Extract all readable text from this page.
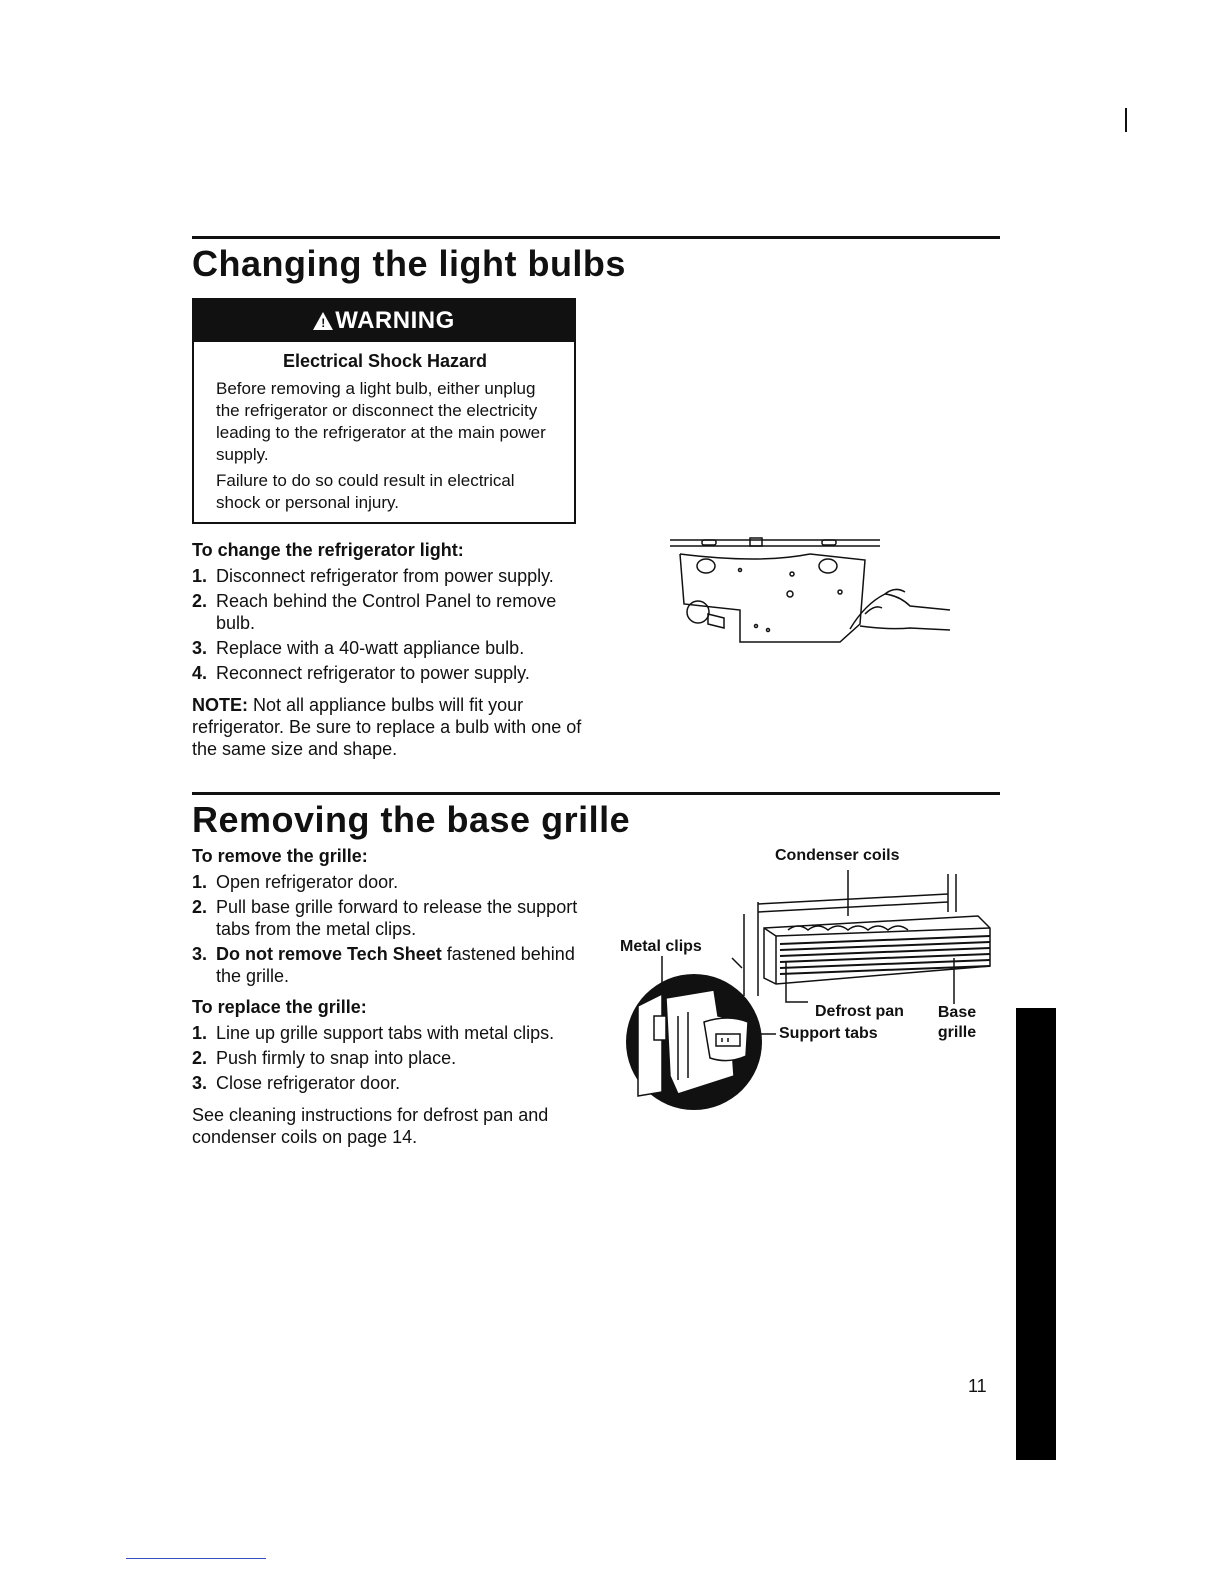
Changing the light bulbs
! WARNING
Electrical Shock Hazard

Before removing a light bulb, either unplug the refrigerator or disconnect the electricity leading to the refrigerator at the main power supply.

Failure to do so could result in electrical shock or personal injury.

To change the refrigerator light:

1. Disconnect refrigerator from power supply.
2. Reach behind the Control Panel to remove bulb.
3. Replace with a 40-watt appliance bulb.
4. Reconnect refrigerator to power supply.

NOTE: Not all appliance bulbs will fit your refrigerator. Be sure to replace a bulb with one of the same size and shape.

Removing the base grille

To remove the grille:

1. Open refrigerator door.
2. Pull base grille forward to release the support tabs from the metal clips.
3. Do not remove Tech Sheet fastened behind the grille.

To replace the grille:

1. Line up grille support tabs with metal clips.
2. Push firmly to snap into place.
3. Close refrigerator door.

See cleaning instructions for defrost pan and condenser coils on page 14.

Condenser coils
Metal clips
Defrost pan
Support tabs
Base grille
11
